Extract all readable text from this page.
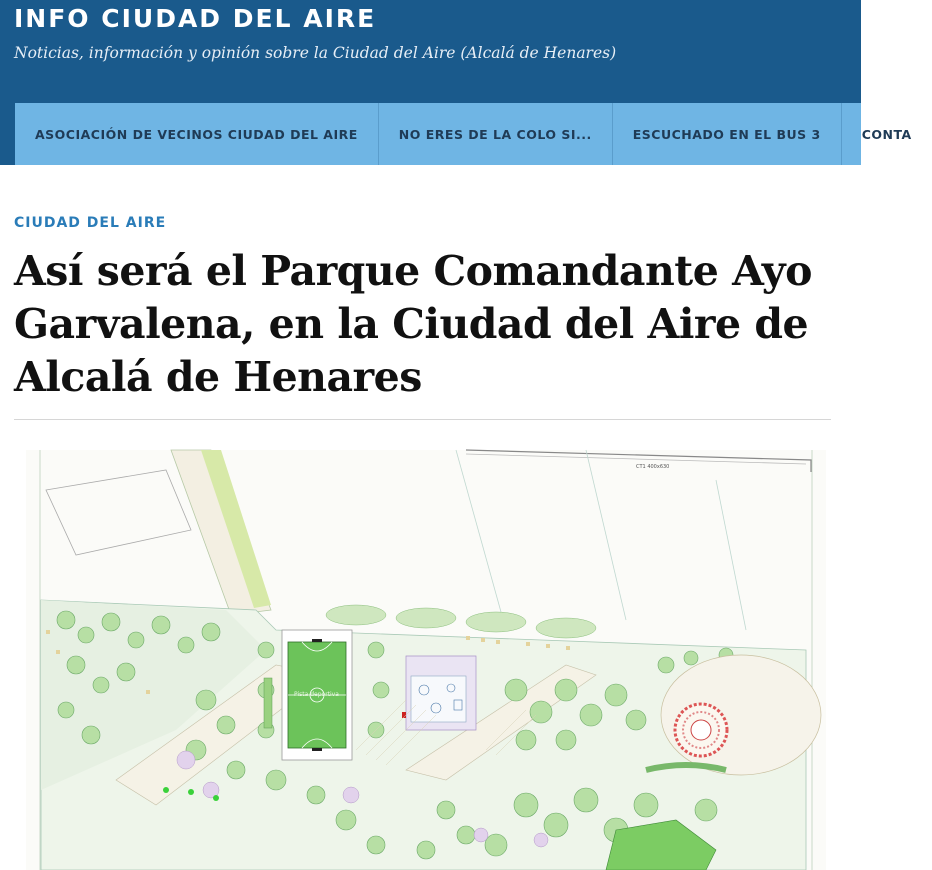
INFO CIUDAD DEL AIRE
Noticias, información y opinión sobre la Ciudad del Aire (Alcalá de Henares)
ASOCIACIÓN DE VECINOS CIUDAD DEL AIRE	NO ERES DE LA COLO SI...	ESCUCHADO EN EL BUS 3	CONTA
CIUDAD DEL AIRE
Así será el Parque Comandante Ayo Garvalena, en la Ciudad del Aire de Alcalá de Henares
CT1 400x630
Pista deportiva
